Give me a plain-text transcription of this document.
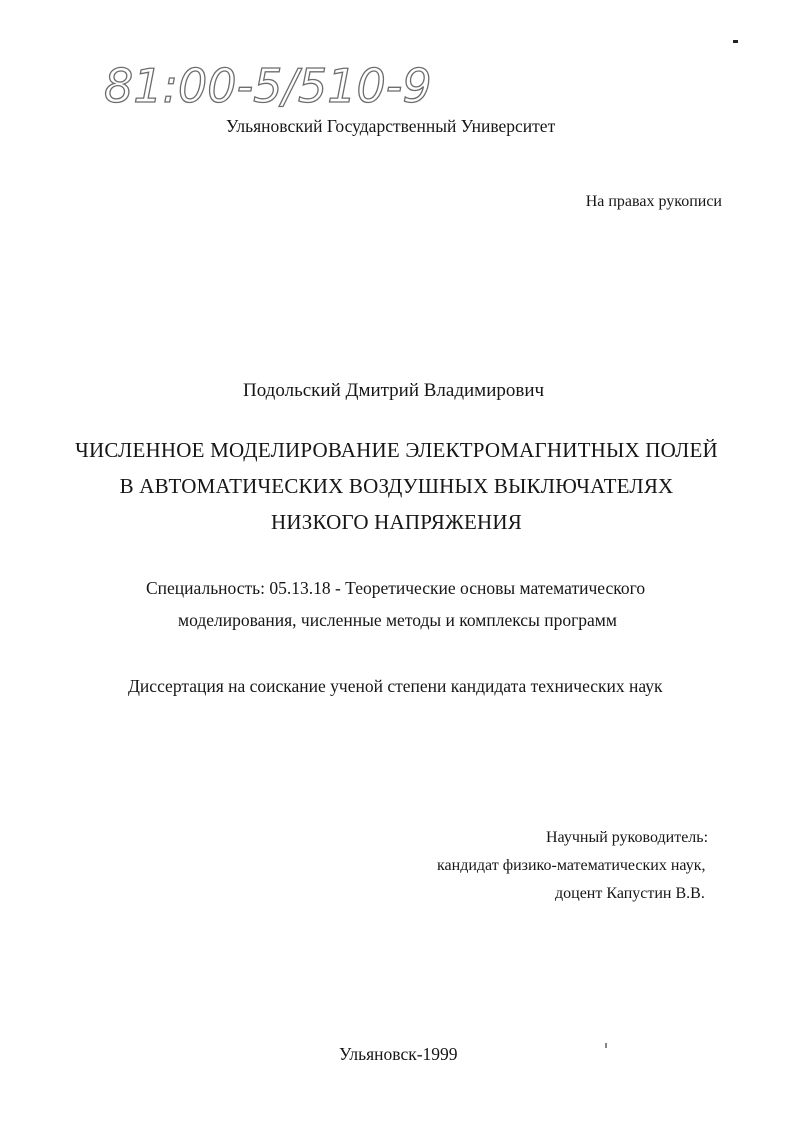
81:00-5/510-9
Ульяновский Государственный Университет
На правах рукописи
Подольский Дмитрий Владимирович
ЧИСЛЕННОЕ МОДЕЛИРОВАНИЕ ЭЛЕКТРОМАГНИТНЫХ ПОЛЕЙ
В АВТОМАТИЧЕСКИХ ВОЗДУШНЫХ ВЫКЛЮЧАТЕЛЯХ
НИЗКОГО НАПРЯЖЕНИЯ
Специальность: 05.13.18 - Теоретические основы математического
моделирования, численные методы и комплексы программ
Диссертация на соискание ученой степени кандидата технических наук
Научный руководитель:
кандидат физико-математических наук,
доцент Капустин В.В.
Ульяновск-1999
